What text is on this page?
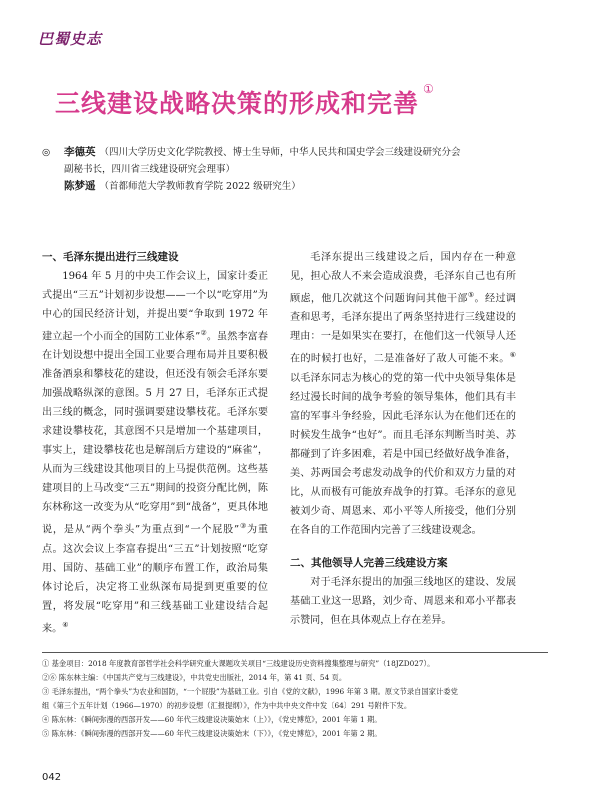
巴蜀史志
三线建设战略决策的形成和完善 ①
◎ 李德英 （四川大学历史文化学院教授、博士生导师，中华人民共和国史学会三线建设研究分会
副秘书长，四川省三线建设研究会理事）
陈梦遥 （首都师范大学教师教育学院 2022 级研究生）
一、毛泽东提出进行三线建设

1964 年 5 月的中央工作会议上，国家计委正式提出“三五”计划初步设想——一个以“吃穿用”为中心的国民经济计划，并提出要“争取到 1972 年建立起一个小而全的国防工业体系”②。虽然李富春在计划设想中提出全国工业要合理布局并且要积极准备酒泉和攀枝花的建设，但还没有领会毛泽东要加强战略纵深的意图。5 月 27 日，毛泽东正式提出三线的概念，同时强调要建设攀枝花。毛泽东要求建设攀枝花，其意图不只是增加一个基建项目，事实上，建设攀枝花也是解剖后方建设的“麻雀”，从而为三线建设其他项目的上马提供范例。这些基建项目的上马改变“三五”期间的投资分配比例，陈东林称这一改变为从“吃穿用”到“战备”，更具体地说，是从“两个拳头”为重点到“一个屁股”③为重点。这次会议上李富春提出“三五”计划按照“吃穿用、国防、基础工业”的顺序布置工作，政治局集体讨论后，决定将工业纵深布局提到更重要的位置，将发展“吃穿用”和三线基础工业建设结合起来。④

毛泽东提出三线建设之后，国内存在一种意见，担心敌人不来会造成浪费，毛泽东自己也有所顾虑，他几次就这个问题询问其他干部⑤。经过调查和思考，毛泽东提出了两条坚持进行三线建设的理由：一是如果实在要打，在他们这一代领导人还在的时候打也好，二是准备好了敌人可能不来。⑥以毛泽东同志为核心的党的第一代中央领导集体是经过漫长时间的战争考验的领导集体，他们具有丰富的军事斗争经验，因此毛泽东认为在他们还在的时候发生战争“也好”。而且毛泽东判断当时美、苏都碰到了许多困难，若是中国已经做好战争准备，美、苏两国会考虑发动战争的代价和双方力量的对比，从而极有可能放弃战争的打算。毛泽东的意见被刘少奇、周恩来、邓小平等人所接受，他们分别在各自的工作范围内完善了三线建设观念。

二、其他领导人完善三线建设方案

对于毛泽东提出的加强三线地区的建设、发展基础工业这一思路，刘少奇、周恩来和邓小平都表示赞同，但在具体观点上存在差异。

① 基金项目：2018 年度教育部哲学社会科学研究重大课题攻关项目“三线建设历史资料搜集整理与研究”（18JZD027）。
②⑥ 陈东林主编：《中国共产党与三线建设》，中共党史出版社，2014 年，第 41 页、54 页。
③ 毛泽东提出，“两个拳头”为农业和国防，“一个屁股”为基础工业。引自《党的文献》，1996 年第 3 期。原文节录自国家计委党
组《第三个五年计划（1966—1970）的初步设想（汇报提纲）》，作为中共中央文件中发〔64〕291 号附件下发。
④ 陈东林：《瞬间弥漫的西部开发——60 年代三线建设决策始末（上）》，《党史博览》，2001 年第 1 期。
⑤ 陈东林：《瞬间弥漫的西部开发——60 年代三线建设决策始末（下）》，《党史博览》，2001 年第 2 期。
042
